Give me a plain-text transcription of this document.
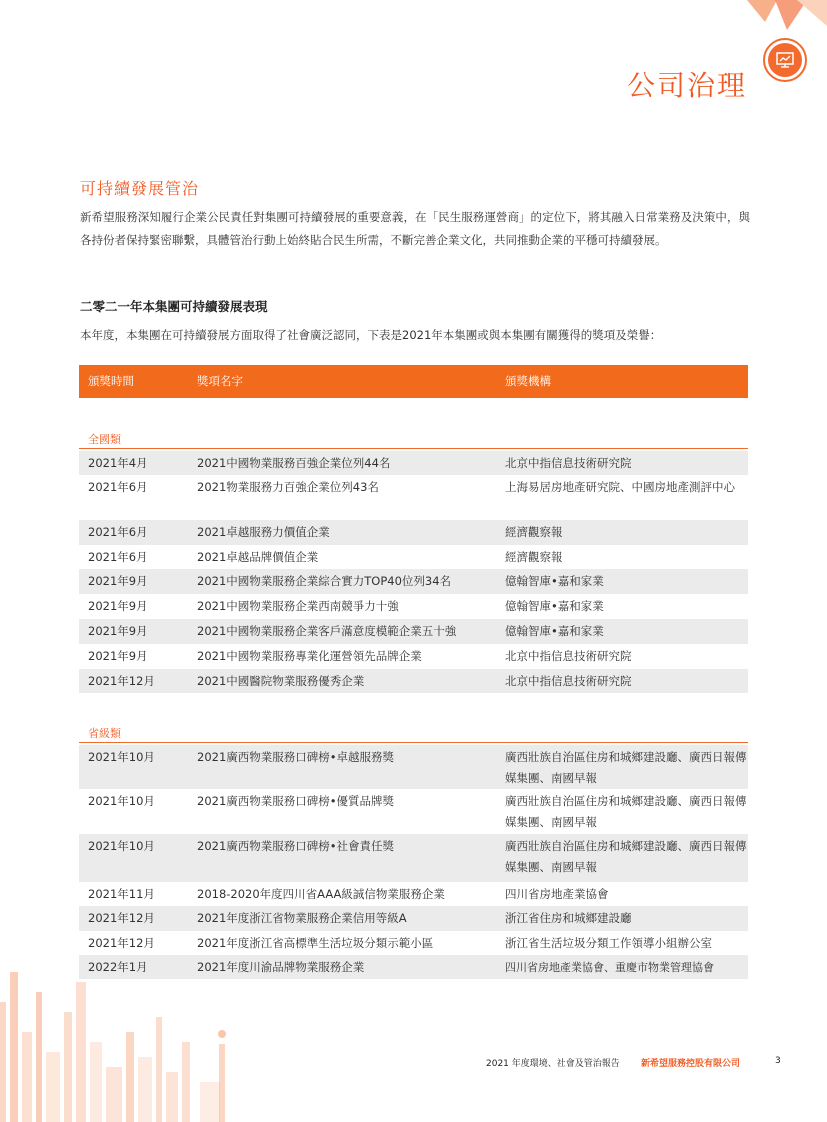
公司治理
可持續發展管治
新希望服務深知履行企業公民責任對集團可持續發展的重要意義，在「民生服務運營商」的定位下，將其融入日常業務及決策中，與各持份者保持緊密聯繫，具體管治行動上始終貼合民生所需，不斷完善企業文化，共同推動企業的平穩可持續發展。
二零二一年本集團可持續發展表現
本年度，本集團在可持續發展方面取得了社會廣泛認同，下表是2021年本集團或與本集團有關獲得的獎項及榮譽：
頒獎時間	獎項名字	頒獎機構
全國類
2021年4月	2021中國物業服務百強企業位列44名	北京中指信息技術研究院
2021年6月	2021物業服務力百強企業位列43名	上海易居房地產研究院、中國房地產測評中心
2021年6月	2021卓越服務力價值企業	經濟觀察報
2021年6月	2021卓越品牌價值企業	經濟觀察報
2021年9月	2021中國物業服務企業綜合實力TOP40位列34名	億翰智庫•嘉和家業
2021年9月	2021中國物業服務企業西南競爭力十強	億翰智庫•嘉和家業
2021年9月	2021中國物業服務企業客戶滿意度模範企業五十強	億翰智庫•嘉和家業
2021年9月	2021中國物業服務專業化運營領先品牌企業	北京中指信息技術研究院
2021年12月	2021中國醫院物業服務優秀企業	北京中指信息技術研究院
省級類
2021年10月	2021廣西物業服務口碑榜•卓越服務獎	廣西壯族自治區住房和城鄉建設廳、廣西日報傳媒集團、南國早報
2021年10月	2021廣西物業服務口碑榜•優質品牌獎	廣西壯族自治區住房和城鄉建設廳、廣西日報傳媒集團、南國早報
2021年10月	2021廣西物業服務口碑榜•社會責任獎	廣西壯族自治區住房和城鄉建設廳、廣西日報傳媒集團、南國早報
2021年11月	2018-2020年度四川省AAA級誠信物業服務企業	四川省房地產業協會
2021年12月	2021年度浙江省物業服務企業信用等級A	浙江省住房和城鄉建設廳
2021年12月	2021年度浙江省高標準生活垃圾分類示範小區	浙江省生活垃圾分類工作領導小組辦公室
2022年1月	2021年度川渝品牌物業服務企業	四川省房地產業協會、重慶市物業管理協會
2021 年度環境、社會及管治報告 新希望服務控股有限公司	3
